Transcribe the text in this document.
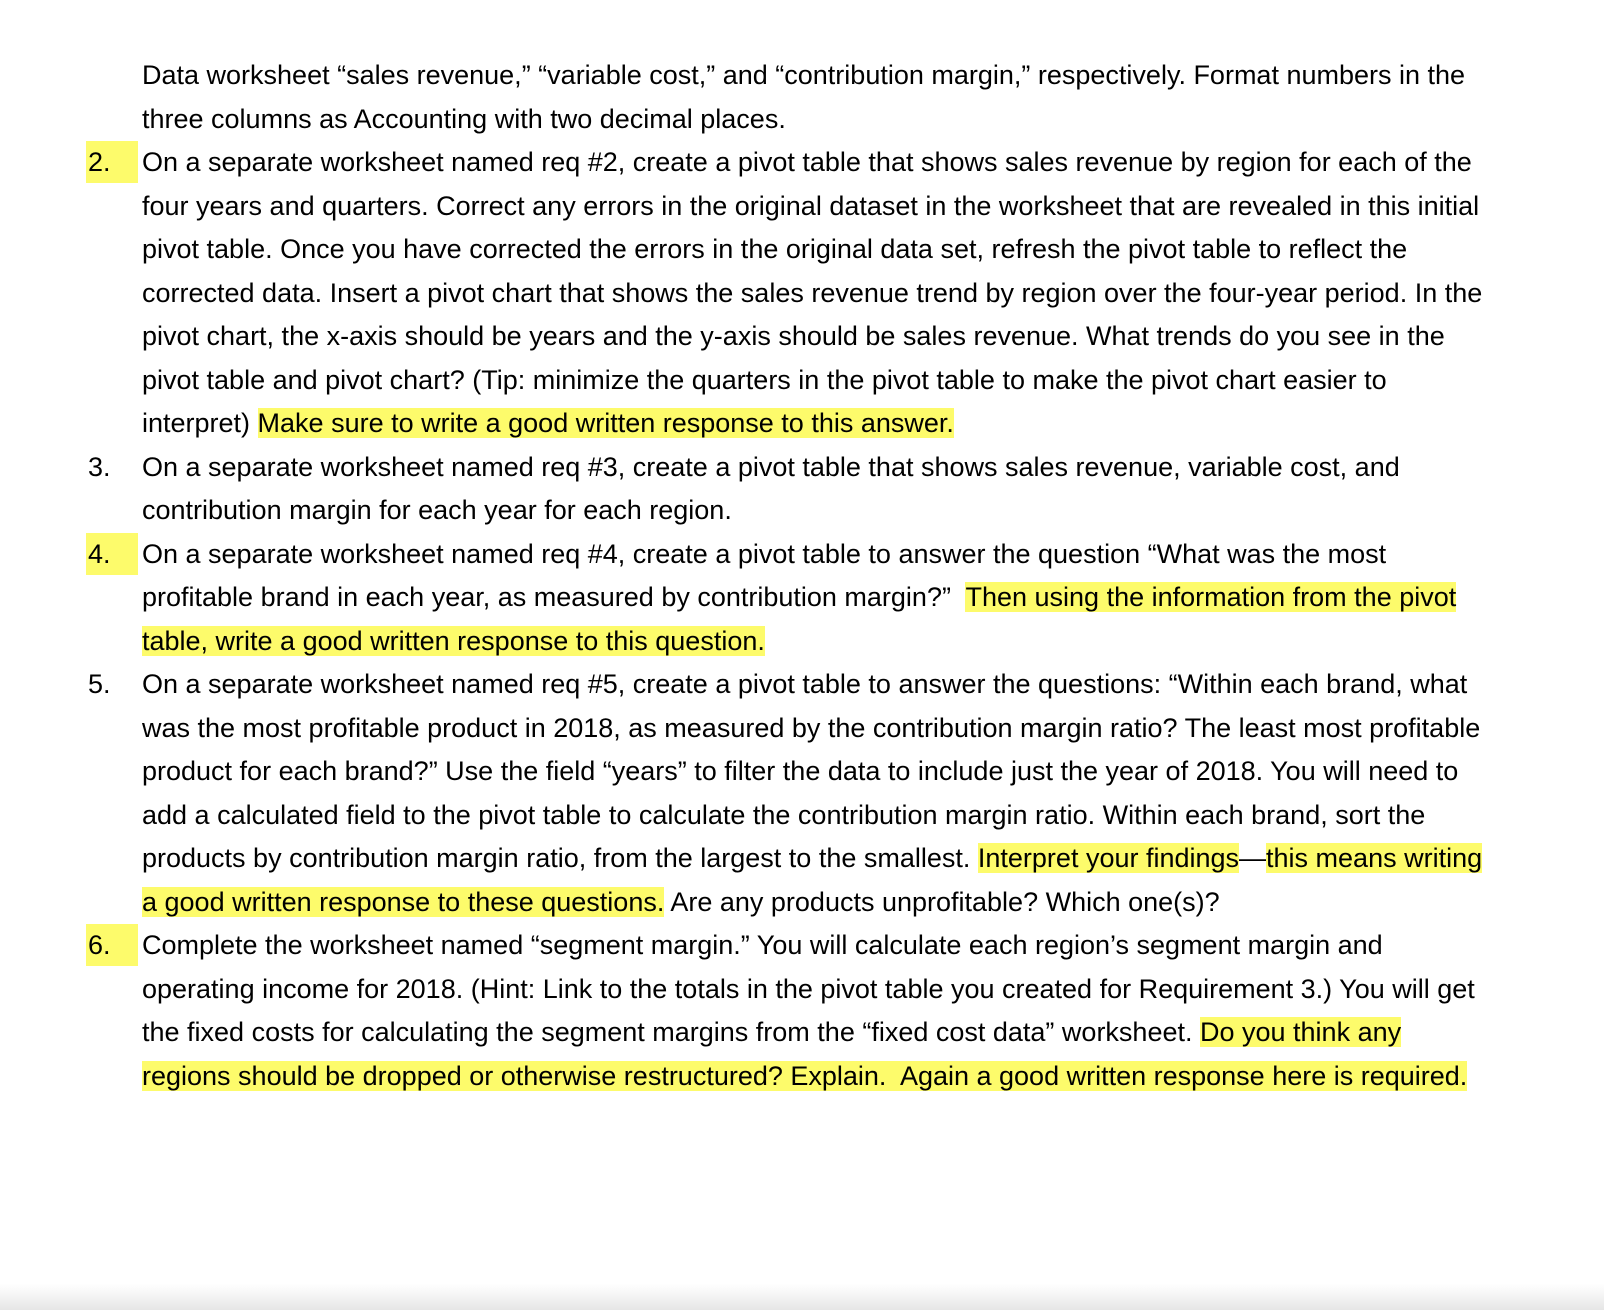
Data worksheet “sales revenue,” “variable cost,” and “contribution margin,” respectively. Format numbers in the three columns as Accounting with two decimal places.
2.	On a separate worksheet named req #2, create a pivot table that shows sales revenue by region for each of the four years and quarters. Correct any errors in the original dataset in the worksheet that are revealed in this initial pivot table. Once you have corrected the errors in the original data set, refresh the pivot table to reflect the corrected data. Insert a pivot chart that shows the sales revenue trend by region over the four-year period. In the pivot chart, the x-axis should be years and the y-axis should be sales revenue. What trends do you see in the pivot table and pivot chart? (Tip: minimize the quarters in the pivot table to make the pivot chart easier to interpret) Make sure to write a good written response to this answer.
3.	On a separate worksheet named req #3, create a pivot table that shows sales revenue, variable cost, and contribution margin for each year for each region.
4.	On a separate worksheet named req #4, create a pivot table to answer the question “What was the most profitable brand in each year, as measured by contribution margin?”  Then using the information from the pivot table, write a good written response to this question.
5.	On a separate worksheet named req #5, create a pivot table to answer the questions: “Within each brand, what was the most profitable product in 2018, as measured by the contribution margin ratio? The least most profitable product for each brand?” Use the field “years” to filter the data to include just the year of 2018. You will need to add a calculated field to the pivot table to calculate the contribution margin ratio. Within each brand, sort the products by contribution margin ratio, from the largest to the smallest. Interpret your findings—this means writing a good written response to these questions. Are any products unprofitable? Which one(s)?
6.	Complete the worksheet named “segment margin.” You will calculate each region’s segment margin and operating income for 2018. (Hint: Link to the totals in the pivot table you created for Requirement 3.) You will get the fixed costs for calculating the segment margins from the “fixed cost data” worksheet. Do you think any regions should be dropped or otherwise restructured? Explain.  Again a good written response here is required.
